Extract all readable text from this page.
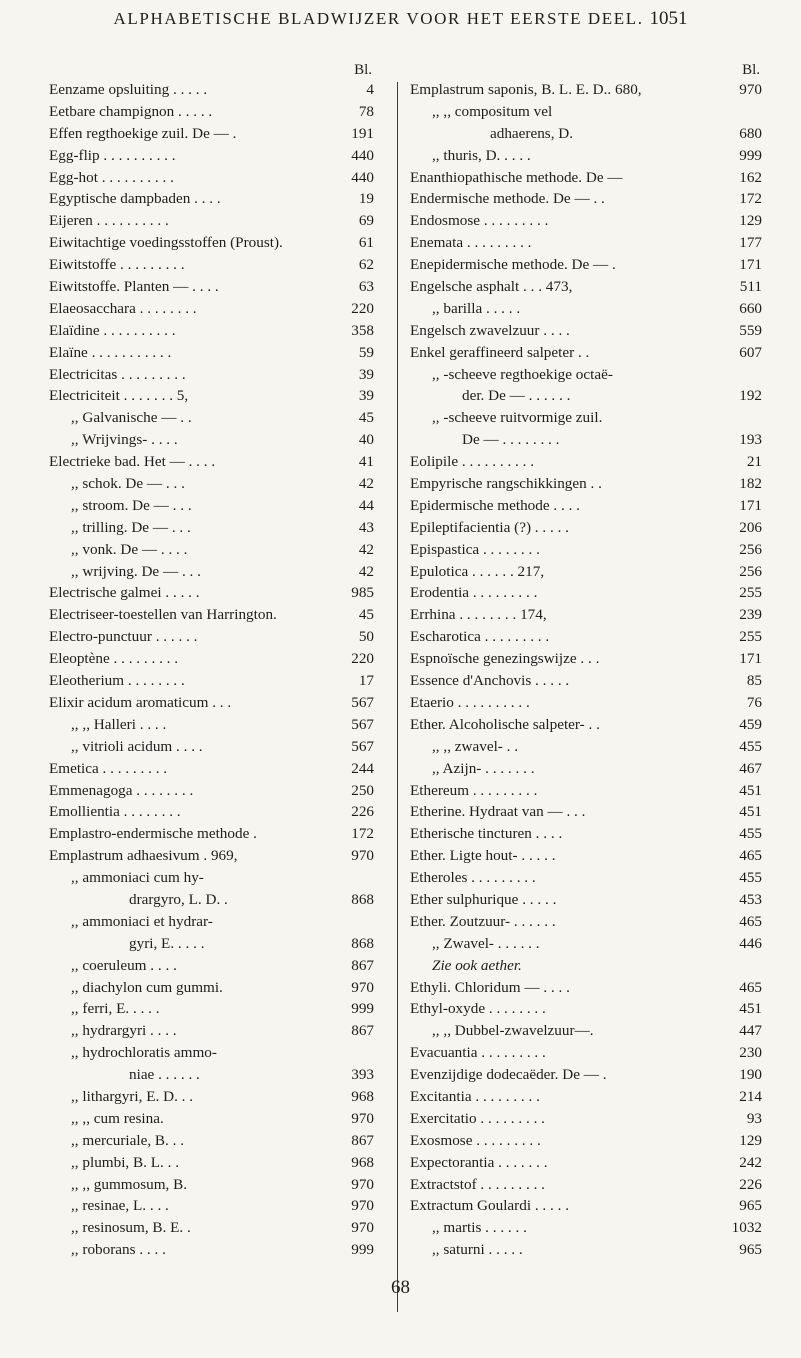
ALPHABETISCHE BLADWIJZER VOOR HET EERSTE DEEL. 1051
Bl.
Eenzame opsluiting . . . . .	4
Eetbare champignon . . . . .	78
Effen regthoekige zuil. De — .	191
Egg-flip . . . . . . . . . .	440
Egg-hot . . . . . . . . . .	440
Egyptische dampbaden . . . .	19
Eijeren . . . . . . . . . .	69
Eiwitachtige voedingsstoffen (Proust).	61
Eiwitstoffe . . . . . . . . .	62
Eiwitstoffe. Planten — . . . .	63
Elaeosacchara . . . . . . . .	220
Elaïdine . . . . . . . . . .	358
Elaïne . . . . . . . . . . .	59
Electricitas . . . . . . . . .	39
Electriciteit . . . . . . . 5,	39
,, Galvanische — . .	45
,, Wrijvings- . . . .	40
Electrieke bad. Het — . . . .	41
,, schok. De — . . .	42
,, stroom. De — . . .	44
,, trilling. De — . . .	43
,, vonk. De — . . . .	42
,, wrijving. De — . . .	42
Electrische galmei . . . . .	985
Electriseer-toestellen van Harrington.	45
Electro-punctuur . . . . . .	50
Eleoptène . . . . . . . . .	220
Eleotherium . . . . . . . .	17
Elixir acidum aromaticum . . .	567
,, ,, Halleri . . . .	567
,, vitrioli acidum . . . .	567
Emetica . . . . . . . . .	244
Emmenagoga . . . . . . . .	250
Emollientia . . . . . . . .	226
Emplastro-endermische methode .	172
Emplastrum adhaesivum . 969,	970
,, ammoniaci cum hy-
drargyro, L. D. .	868
,, ammoniaci et hydrar-
gyri, E. . . . .	868
,, coeruleum . . . .	867
,, diachylon cum gummi.	970
,, ferri, E. . . . .	999
,, hydrargyri . . . .	867
,, hydrochloratis ammo-
niae . . . . . .	393
,, lithargyri, E. D. . .	968
,, ,, cum resina.	970
,, mercuriale, B. . .	867
,, plumbi, B. L. . .	968
,, ,, gummosum, B.	970
,, resinae, L. . . .	970
,, resinosum, B. E. .	970
,, roborans . . . .	999
Bl.
Emplastrum saponis, B. L. E. D.. 680,	970
,, ,, compositum vel
adhaerens, D.	680
,, thuris, D. . . . .	999
Enanthiopathische methode. De —	162
Endermische methode. De — . .	172
Endosmose . . . . . . . . .	129
Enemata . . . . . . . . .	177
Enepidermische methode. De — .	171
Engelsche asphalt . . . 473,	511
,, barilla . . . . .	660
Engelsch zwavelzuur . . . .	559
Enkel geraffineerd salpeter . .	607
,, -scheeve regthoekige octaë-
der. De — . . . . . .	192
,, -scheeve ruitvormige zuil.
De — . . . . . . . .	193
Eolipile . . . . . . . . . .	21
Empyrische rangschikkingen . .	182
Epidermische methode . . . .	171
Epileptifacientia (?) . . . . .	206
Epispastica . . . . . . . .	256
Epulotica . . . . . . 217,	256
Erodentia . . . . . . . . .	255
Errhina . . . . . . . . 174,	239
Escharotica . . . . . . . . .	255
Espnoïsche genezingswijze . . .	171
Essence d'Anchovis . . . . .	85
Etaerio . . . . . . . . . .	76
Ether. Alcoholische salpeter- . .	459
,, ,, zwavel- . .	455
,, Azijn- . . . . . . .	467
Ethereum . . . . . . . . .	451
Etherine. Hydraat van — . . .	451
Etherische tincturen . . . .	455
Ether. Ligte hout- . . . . .	465
Etheroles . . . . . . . . .	455
Ether sulphurique . . . . .	453
Ether. Zoutzuur- . . . . . .	465
,, Zwavel- . . . . . .	446
Zie ook aether.
Ethyli. Chloridum — . . . .	465
Ethyl-oxyde . . . . . . . .	451
,, ,, Dubbel-zwavelzuur—.	447
Evacuantia . . . . . . . . .	230
Evenzijdige dodecaëder. De — .	190
Excitantia . . . . . . . . .	214
Exercitatio . . . . . . . . .	93
Exosmose . . . . . . . . .	129
Expectorantia . . . . . . .	242
Extractstof . . . . . . . . .	226
Extractum Goulardi . . . . .	965
,, martis . . . . . .	1032
,, saturni . . . . .	965
68
